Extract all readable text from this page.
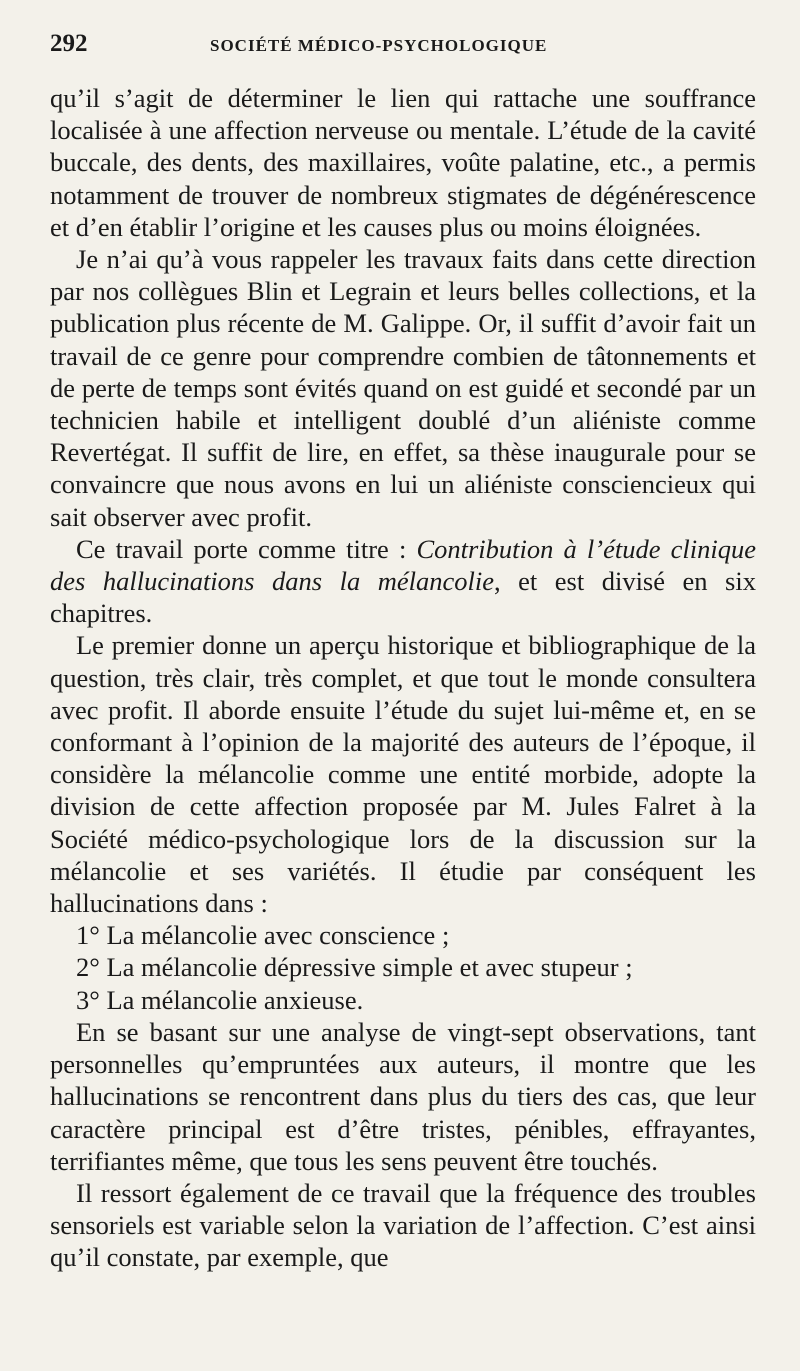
292	SOCIÉTÉ MÉDICO-PSYCHOLOGIQUE

qu’il s’agit de déterminer le lien qui rattache une souffrance localisée à une affection nerveuse ou mentale. L’étude de la cavité buccale, des dents, des maxillaires, voûte palatine, etc., a permis notamment de trouver de nombreux stigmates de dégénérescence et d’en établir l’origine et les causes plus ou moins éloignées.

Je n’ai qu’à vous rappeler les travaux faits dans cette direction par nos collègues Blin et Legrain et leurs belles collections, et la publication plus récente de M. Galippe. Or, il suffit d’avoir fait un travail de ce genre pour comprendre combien de tâtonnements et de perte de temps sont évités quand on est guidé et secondé par un technicien habile et intelligent doublé d’un aliéniste comme Revertégat. Il suffit de lire, en effet, sa thèse inaugurale pour se convaincre que nous avons en lui un aliéniste consciencieux qui sait observer avec profit.

Ce travail porte comme titre : Contribution à l’étude clinique des hallucinations dans la mélancolie, et est divisé en six chapitres.

Le premier donne un aperçu historique et bibliographique de la question, très clair, très complet, et que tout le monde consultera avec profit. Il aborde ensuite l’étude du sujet lui-même et, en se conformant à l’opinion de la majorité des auteurs de l’époque, il considère la mélancolie comme une entité morbide, adopte la division de cette affection proposée par M. Jules Falret à la Société médico-psychologique lors de la discussion sur la mélancolie et ses variétés. Il étudie par conséquent les hallucinations dans :

1° La mélancolie avec conscience ;

2° La mélancolie dépressive simple et avec stupeur ;

3° La mélancolie anxieuse.

En se basant sur une analyse de vingt-sept observations, tant personnelles qu’empruntées aux auteurs, il montre que les hallucinations se rencontrent dans plus du tiers des cas, que leur caractère principal est d’être tristes, pénibles, effrayantes, terrifiantes même, que tous les sens peuvent être touchés.

Il ressort également de ce travail que la fréquence des troubles sensoriels est variable selon la variation de l’affection. C’est ainsi qu’il constate, par exemple, que
